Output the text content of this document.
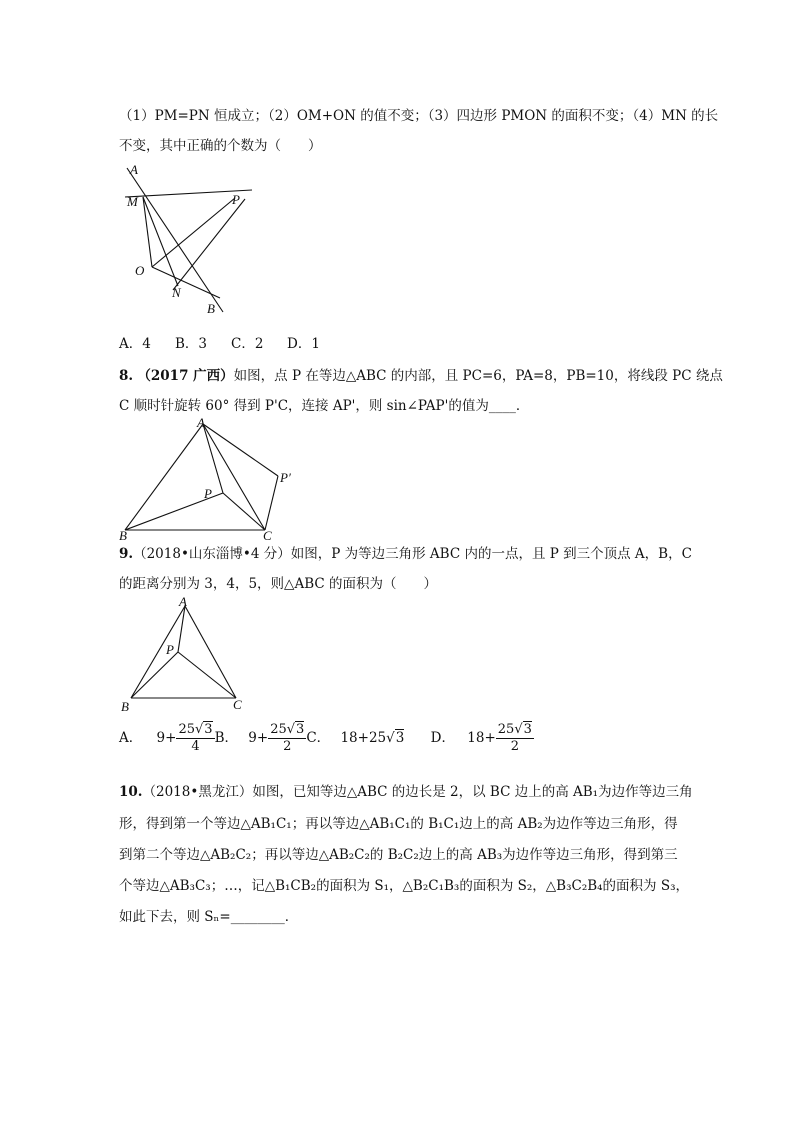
（1）PM=PN 恒成立；（2）OM+ON 的值不变；（3）四边形 PMON 的面积不变；（4）MN 的长
不变，其中正确的个数为（　　）
A
M	P
O
N
B
A．4 B．3 C．2 D．1
8. （2017 广西）如图，点 P 在等边△ABC 的内部，且 PC=6，PA=8，PB=10，将线段 PC 绕点
C 顺时针旋转 60° 得到 P'C，连接 AP'，则 sin∠PAP'的值为____．
A
P
P′
B	C
9.（2018•山东淄博•4 分）如图，P 为等边三角形 ABC 内的一点，且 P 到三个顶点 A，B，C
的距离分别为 3，4，5，则△ABC 的面积为（　　）
A
P
B	C
A． $9+ \frac{25√3}{4}$ B． $9+ \frac{25√3}{2}$ C． 18+25√3 D． $18+ \frac{25√3}{2}$
10.（2018•黑龙江）如图，已知等边△ABC 的边长是 2，以 BC 边上的高 AB₁为边作等边三角
形，得到第一个等边△AB₁C₁；再以等边△AB₁C₁的 B₁C₁边上的高 AB₂为边作等边三角形，得
到第二个等边△AB₂C₂；再以等边△AB₂C₂的 B₂C₂边上的高 AB₃为边作等边三角形，得到第三
个等边△AB₃C₃；…，记△B₁CB₂的面积为 S₁，△B₂C₁B₃的面积为 S₂，△B₃C₂B₄的面积为 S₃，
如此下去，则 Sₙ=________．
